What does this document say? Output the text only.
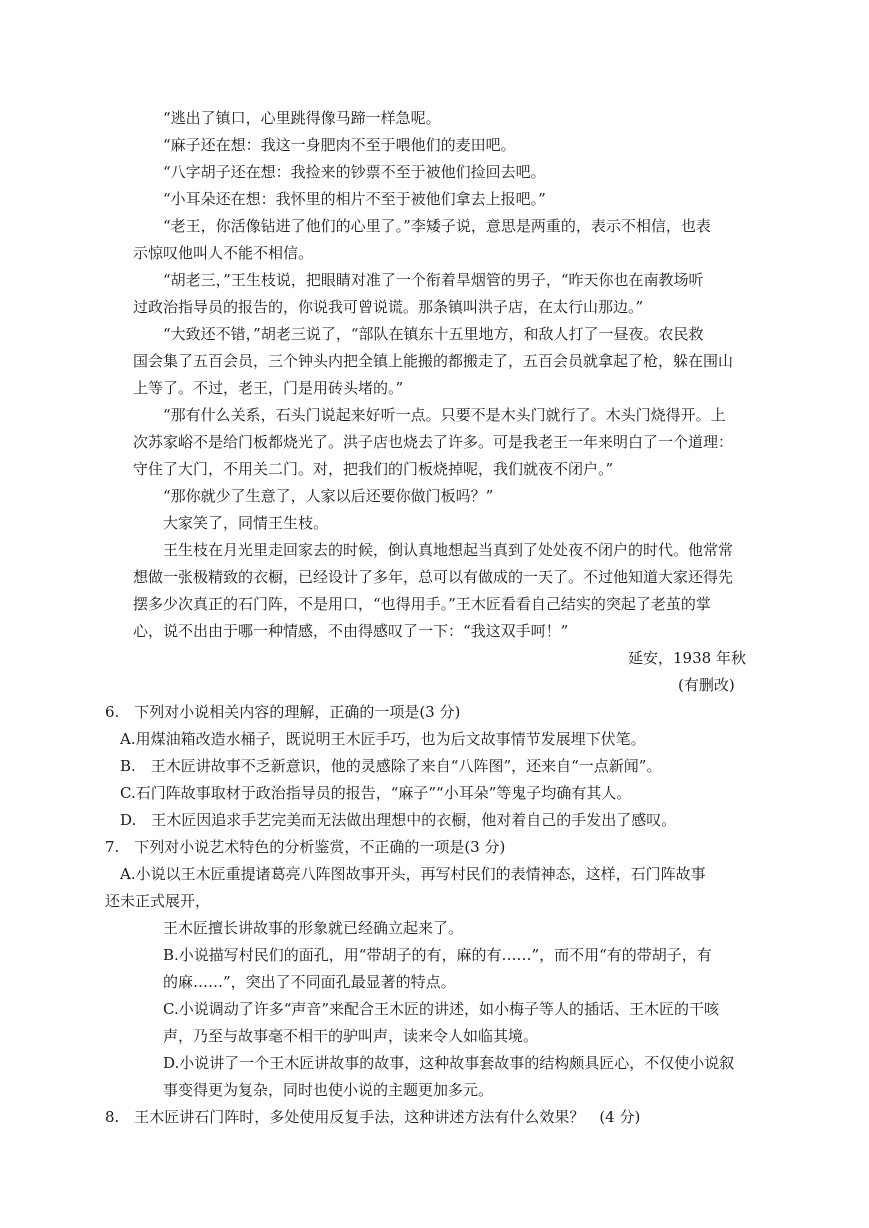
“逃出了镇口，心里跳得像马蹄一样急呢。
“麻子还在想：我这一身肥肉不至于喂他们的麦田吧。
“八字胡子还在想：我捡来的钞票不至于被他们捡回去吧。
“小耳朵还在想：我怀里的相片不至于被他们拿去上报吧。”
“老王，你活像钻进了他们的心里了。”李矮子说，意思是两重的，表示不相信，也表
示惊叹他叫人不能不相信。
“胡老三，”王生枝说，把眼睛对准了一个衔着旱烟管的男子，“昨天你也在南教场听
过政治指导员的报告的，你说我可曾说谎。那条镇叫洪子店，在太行山那边。”
“大致还不错，”胡老三说了，“部队在镇东十五里地方，和敌人打了一昼夜。农民救
国会集了五百会员，三个钟头内把全镇上能搬的都搬走了，五百会员就拿起了枪，躲在围山
上等了。不过，老王，门是用砖头堵的。”
“那有什么关系，石头门说起来好听一点。只要不是木头门就行了。木头门烧得开。上
次苏家峪不是给门板都烧光了。洪子店也烧去了许多。可是我老王一年来明白了一个道理：
守住了大门，不用关二门。对，把我们的门板烧掉呢，我们就夜不闭户。”
“那你就少了生意了，人家以后还要你做门板吗？”
大家笑了，同情王生枝。
王生枝在月光里走回家去的时候，倒认真地想起当真到了处处夜不闭户的时代。他常常
想做一张极精致的衣橱，已经设计了多年，总可以有做成的一天了。不过他知道大家还得先
摆多少次真正的石门阵，不是用口，“也得用手。”王木匠看看自己结实的突起了老茧的掌
心，说不出由于哪一种情感，不由得感叹了一下：“我这双手呵！”
延安，1938 年秋
(有删改)
6.　下列对小说相关内容的理解，正确的一项是(3 分)
A.用煤油箱改造水桶子，既说明王木匠手巧，也为后文故事情节发展埋下伏笔。
B.　王木匠讲故事不乏新意识，他的灵感除了来自“八阵图”，还来自“一点新闻”。
C.石门阵故事取材于政治指导员的报告，“麻子”“小耳朵”等鬼子均确有其人。
D.　王木匠因追求手艺完美而无法做出理想中的衣橱，他对着自己的手发出了感叹。
7.　下列对小说艺术特色的分析鉴赏，不正确的一项是(3 分)
A.小说以王木匠重提诸葛亮八阵图故事开头，再写村民们的表情神态，这样，石门阵故事
还未正式展开，
王木匠擅长讲故事的形象就已经确立起来了。
B.小说描写村民们的面孔，用“带胡子的有，麻的有……”，而不用“有的带胡子，有
的麻……”，突出了不同面孔最显著的特点。
C.小说调动了许多“声音”来配合王木匠的讲述，如小梅子等人的插话、王木匠的干咳
声，乃至与故事毫不相干的驴叫声，读来令人如临其境。
D.小说讲了一个王木匠讲故事的故事，这种故事套故事的结构颇具匠心，不仅使小说叙
事变得更为复杂，同时也使小说的主题更加多元。
8.　王木匠讲石门阵时，多处使用反复手法，这种讲述方法有什么效果？　(4 分)
